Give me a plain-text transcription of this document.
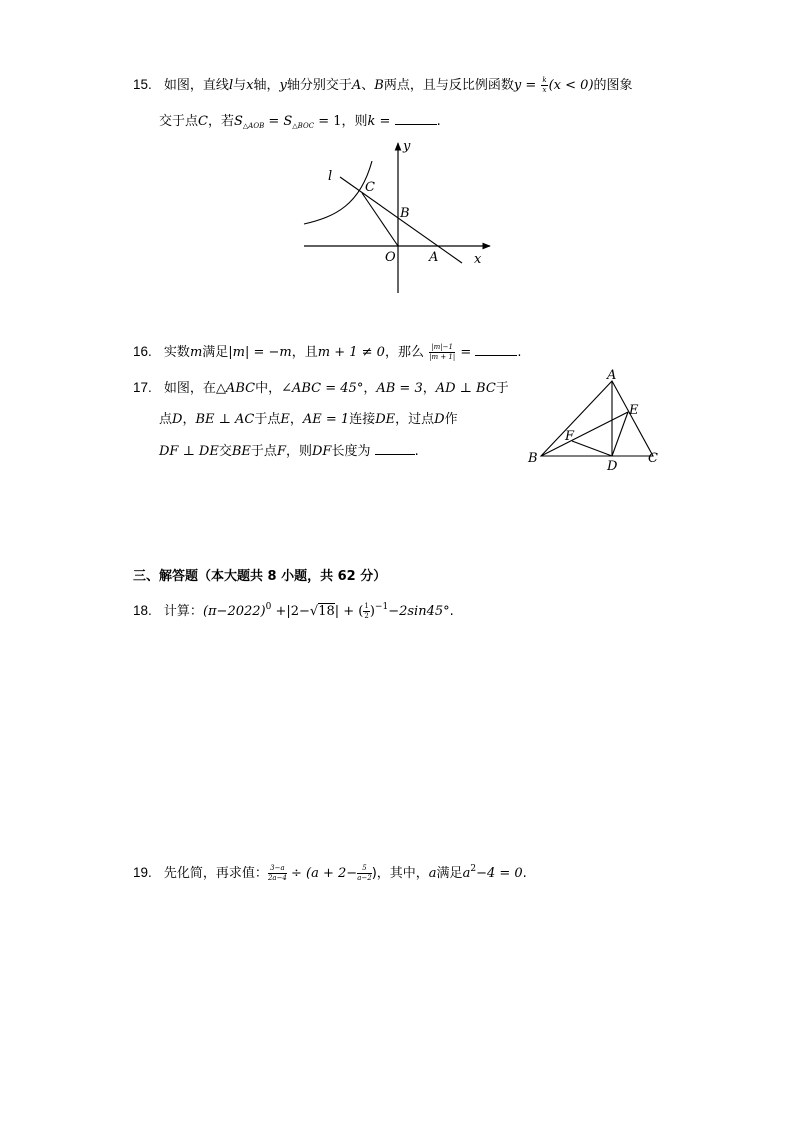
15. 如图，直线l与x轴，y轴分别交于A、B两点，且与反比例函数$y = \frac{k}{x} (x < 0)$的图象
交于点C，若$S_{\triangle AOB} = S_{\triangle BOC} = 1$，则k =	.
l
C
B
O	A	x
y
16. 实数m满足|m| = −m，且m + 1 ≠ 0，那么 $\frac{|m|-1}{|m + 1|}$ =	.
17. 如图，在△ABC中，∠ABC = 45°，AB = 3，AD ⊥ BC于
点D，BE ⊥ AC于点E，AE = 1连接DE，过点D作
DF ⊥ DE交BE于点F，则DF长度为	.
A
E
F
B
D
C
三、解答题（本大题共 8 小题，共 62 分）
18. 计算：$(\pi-2022)^0 +|2-√18|$ + ( $\frac{1}{2} )^{-1}-2\sin 45^\circ$.
19. 先化简，再求值： $\frac{3-a}{2a-4} \div (a + 2- \frac{5}{a-2}$ )，其中，a满足$a^2-4 = 0$.
